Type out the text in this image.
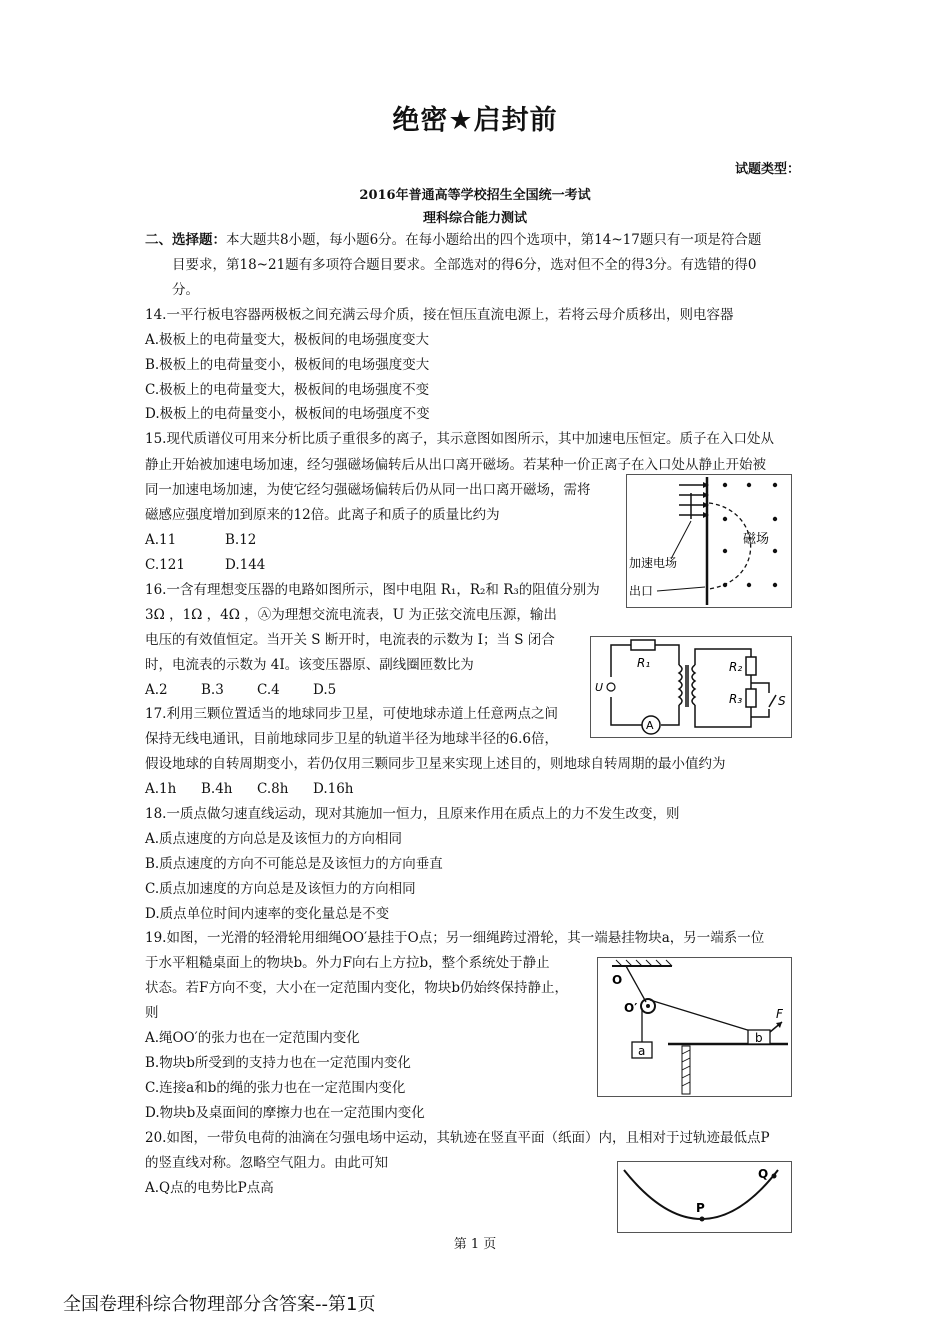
绝密★启封前
试题类型：
2016年普通高等学校招生全国统一考试
理科综合能力测试
二、选择题：本大题共8小题，每小题6分。在每小题给出的四个选项中，第14~17题只有一项是符合题
目要求，第18~21题有多项符合题目要求。全部选对的得6分，选对但不全的得3分。有选错的得0
分。
14.一平行板电容器两极板之间充满云母介质，接在恒压直流电源上，若将云母介质移出，则电容器
A.极板上的电荷量变大，极板间的电场强度变大
B.极板上的电荷量变小，极板间的电场强度变大
C.极板上的电荷量变大，极板间的电场强度不变
D.极板上的电荷量变小，极板间的电场强度不变
15.现代质谱仪可用来分析比质子重很多的离子，其示意图如图所示，其中加速电压恒定。质子在入口处从
静止开始被加速电场加速，经匀强磁场偏转后从出口离开磁场。若某种一价正离子在入口处从静止开始被
同一加速电场加速，为使它经匀强磁场偏转后仍从同一出口离开磁场，需将
磁感应强度增加到原来的12倍。此离子和质子的质量比约为
A.11	B.12
C.121	D.144
磁场
加速电场
出口
16.一含有理想变压器的电路如图所示，图中电阻 R₁，R₂和 R₃的阻值分别为
3Ω ，1Ω ，4Ω ，Ⓐ为理想交流电流表，U 为正弦交流电压源，输出
电压的有效值恒定。当开关 S 断开时，电流表的示数为 I；当 S 闭合
时，电流表的示数为 4I。该变压器原、副线圈匝数比为
A.2 B.3 C.4 D.5
R₁	R₂
R₃	S
A
U
17.利用三颗位置适当的地球同步卫星，可使地球赤道上任意两点之间
保持无线电通讯，目前地球同步卫星的轨道半径为地球半径的6.6倍，
假设地球的自转周期变小，若仍仅用三颗同步卫星来实现上述目的，则地球自转周期的最小值约为
A.1h B.4h C.8h D.16h
18.一质点做匀速直线运动，现对其施加一恒力，且原来作用在质点上的力不发生改变，则
A.质点速度的方向总是及该恒力的方向相同
B.质点速度的方向不可能总是及该恒力的方向垂直
C.质点加速度的方向总是及该恒力的方向相同
D.质点单位时间内速率的变化量总是不变
19.如图，一光滑的轻滑轮用细绳OO′悬挂于O点；另一细绳跨过滑轮，其一端悬挂物块a，另一端系一位
于水平粗糙桌面上的物块b。外力F向右上方拉b，整个系统处于静止
状态。若F方向不变，大小在一定范围内变化，物块b仍始终保持静止，
则
A.绳OO′的张力也在一定范围内变化
B.物块b所受到的支持力也在一定范围内变化
C.连接a和b的绳的张力也在一定范围内变化
D.物块b及桌面间的摩擦力也在一定范围内变化
O
O′
a
b
F
20.如图，一带负电荷的油滴在匀强电场中运动，其轨迹在竖直平面（纸面）内，且相对于过轨迹最低点P
的竖直线对称。忽略空气阻力。由此可知
A.Q点的电势比P点高
P
Q
第 1 页
全国卷理科综合物理部分含答案--第1页
